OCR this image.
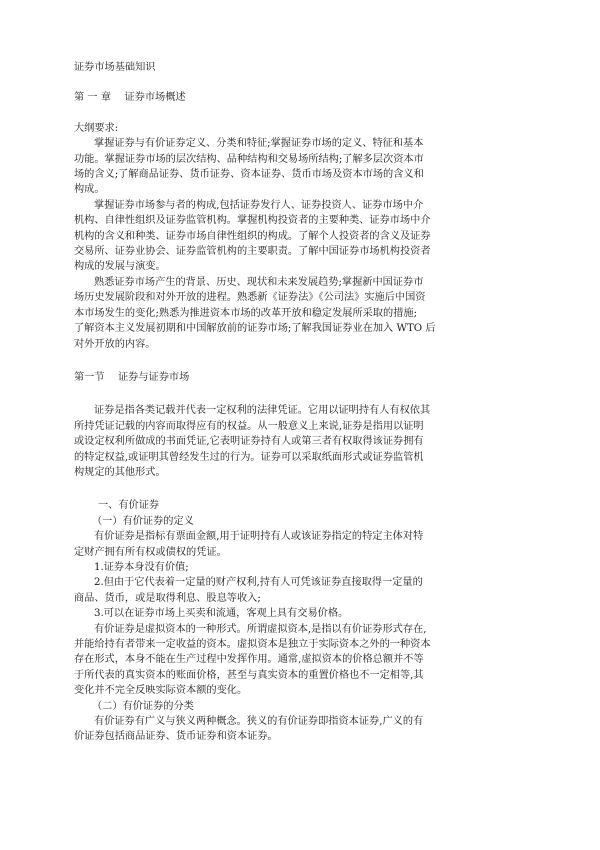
证券市场基础知识
第 一 章　 证券市场概述
大纲要求:
掌握证券与有价证券定义、分类和特征;掌握证券市场的定义、特征和基本
功能。掌握证券市场的层次结构、品种结构和交易场所结构;了解多层次资本市
场的含义;了解商品证券、货币证券、资本证券、货币市场及资本市场的含义和
构成。
掌握证券市场参与者的构成,包括证券发行人、证券投资人、证券市场中介
机构、自律性组织及证券监管机构。掌握机构投资者的主要种类、证券市场中介
机构的含义和种类、证券市场自律性组织的构成。了解个人投资者的含义及证券
交易所、证券业协会、证券监管机构的主要职责。了解中国证券市场机构投资者
构成的发展与演变。
熟悉证券市场产生的背景、历史、现状和未来发展趋势;掌握新中国证券市
场历史发展阶段和对外开放的进程。熟悉新《证券法》《公司法》实施后中国资
本市场发生的变化;熟悉为推进资本市场的改革开放和稳定发展所采取的措施;
了解资本主义发展初期和中国解放前的证券市场;了解我国证券业在加入 WTO 后
对外开放的内容。
第一节　 证券与证券市场
证券是指各类记载并代表一定权利的法律凭证。它用以证明持有人有权依其
所持凭证记载的内容而取得应有的权益。从一般意义上来说,证券是指用以证明
或设定权利所做成的书面凭证,它表明证券持有人或第三者有权取得该证券拥有
的特定权益,或证明其曾经发生过的行为。证券可以采取纸面形式或证券监管机
构规定的其他形式。
一、有价证券
（一）有价证券的定义
有价证券是指标有票面金额,用于证明持有人或该证券指定的特定主体对特
定财产拥有所有权或债权的凭证。
1.证券本身没有价值;
2.但由于它代表着一定量的财产权利,持有人可凭该证券直接取得一定量的
商品、货币，或是取得利息、股息等收入;
3.可以在证券市场上买卖和流通，客观上具有交易价格。
有价证券是虚拟资本的一种形式。所谓虚拟资本,是指以有价证券形式存在,
并能给持有者带来一定收益的资本。虚拟资本是独立于实际资本之外的一种资本
存在形式，本身不能在生产过程中发挥作用。通常,虚拟资本的价格总额并不等
于所代表的真实资本的账面价格，甚至与真实资本的重置价格也不一定相等,其
变化并不完全反映实际资本额的变化。
（二）有价证券的分类
有价证券有广义与狭义两种概念。狭义的有价证券即指资本证券,广义的有
价证券包括商品证券、货币证券和资本证券。
